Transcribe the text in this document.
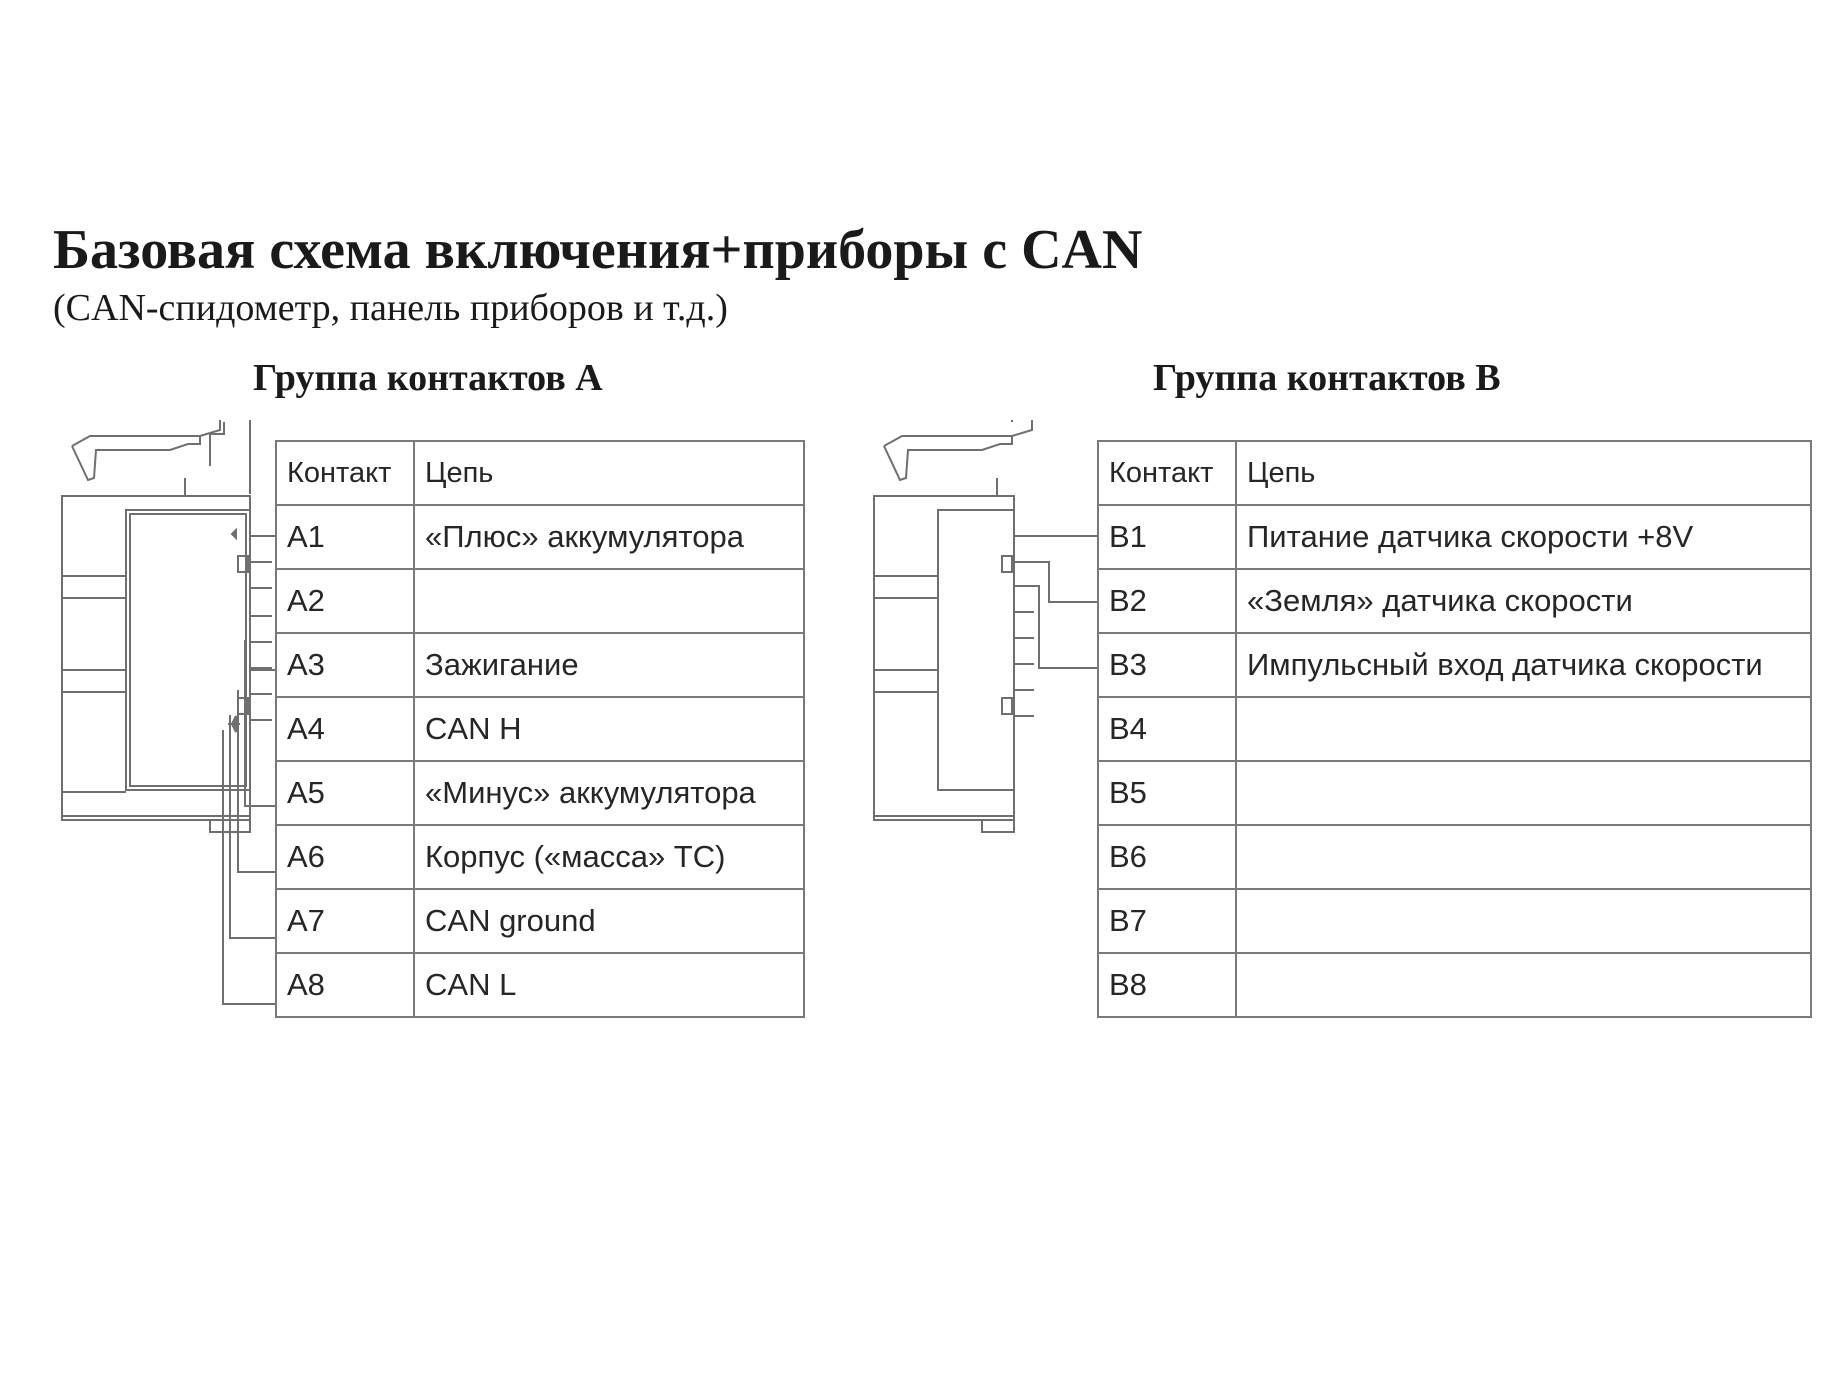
Базовая схема включения+приборы с CAN
(CAN-спидометр, панель приборов и т.д.)
Группа контактов А	Группа контактов В
Контакт	Цепь
А1	«Плюс» аккумулятора
А2	
А3	Зажигание
А4	CAN H
А5	«Минус» аккумулятора
А6	Корпус («масса» ТС)
А7	CAN ground
А8	CAN L
Контакт	Цепь
В1	Питание датчика скорости +8V
В2	«Земля» датчика скорости
В3	Импульсный вход датчика скорости
В4	
В5	
В6	
В7	
В8	
